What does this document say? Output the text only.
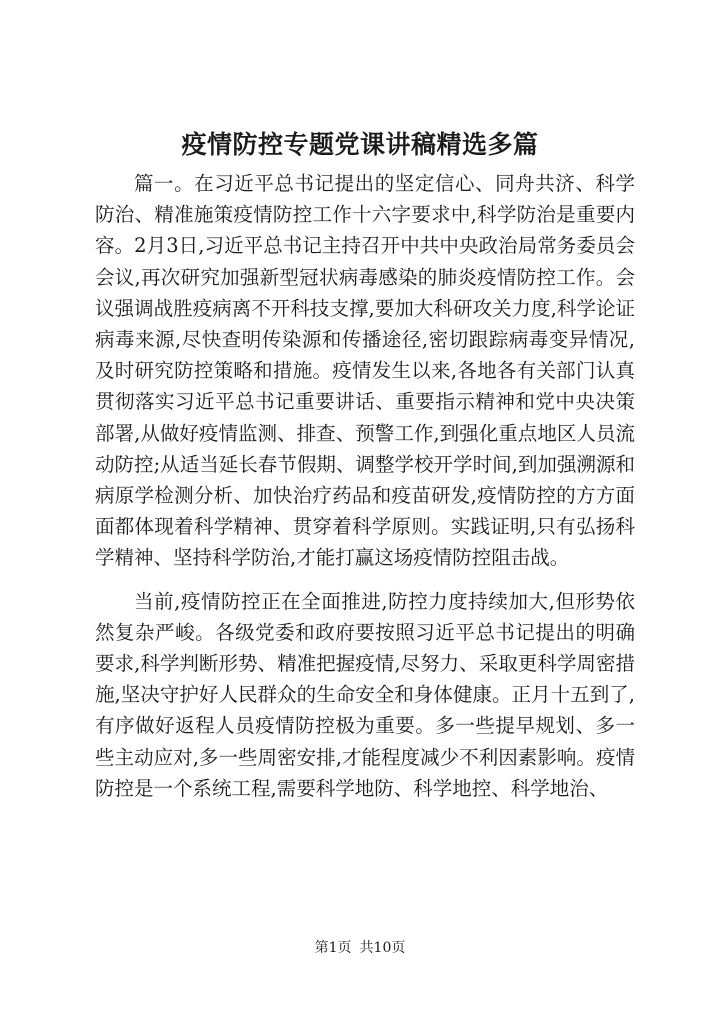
疫情防控专题党课讲稿精选多篇

篇一。在习近平总书记提出的坚定信心、同舟共济、科学防治、精准施策疫情防控工作十六字要求中,科学防治是重要内容。2月3日,习近平总书记主持召开中共中央政治局常务委员会会议,再次研究加强新型冠状病毒感染的肺炎疫情防控工作。会议强调战胜疫病离不开科技支撑,要加大科研攻关力度,科学论证病毒来源,尽快查明传染源和传播途径,密切跟踪病毒变异情况,及时研究防控策略和措施。疫情发生以来,各地各有关部门认真贯彻落实习近平总书记重要讲话、重要指示精神和党中央决策部署,从做好疫情监测、排查、预警工作,到强化重点地区人员流动防控;从适当延长春节假期、调整学校开学时间,到加强溯源和病原学检测分析、加快治疗药品和疫苗研发,疫情防控的方方面面都体现着科学精神、贯穿着科学原则。实践证明,只有弘扬科学精神、坚持科学防治,才能打赢这场疫情防控阻击战。

当前,疫情防控正在全面推进,防控力度持续加大,但形势依然复杂严峻。各级党委和政府要按照习近平总书记提出的明确要求,科学判断形势、精准把握疫情,尽努力、采取更科学周密措施,坚决守护好人民群众的生命安全和身体健康。正月十五到了,有序做好返程人员疫情防控极为重要。多一些提早规划、多一些主动应对,多一些周密安排,才能程度减少不利因素影响。疫情防控是一个系统工程,需要科学地防、科学地控、科学地治、

第1页 共10页
